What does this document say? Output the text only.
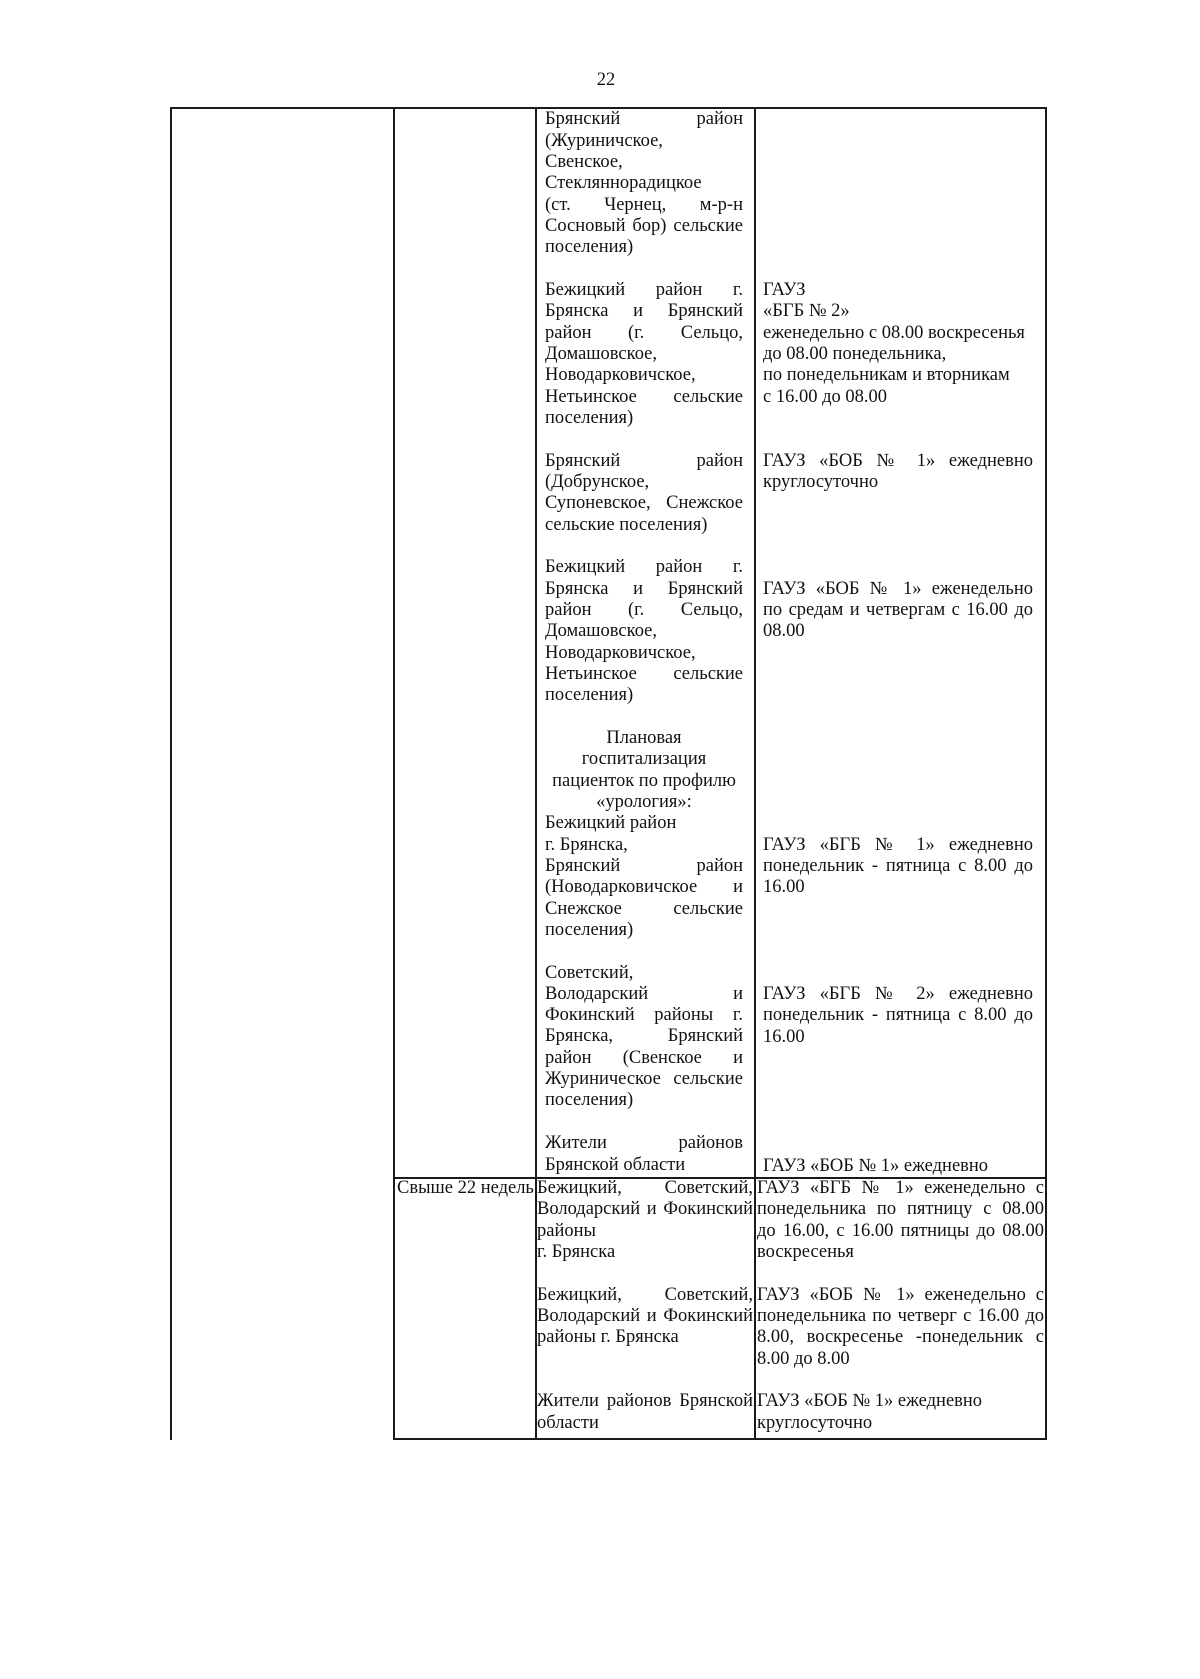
22
Брянский район
(Журиничское,
Свенское,
Стекляннорадицкое
(ст. Чернец, м-р-н
Сосновый бор) сельские
поселения)
Бежицкий район г.
Брянска и Брянский
район (г. Сельцо,
Домашовское,
Новодарковичское,
Нетьинское сельские
поселения)
ГАУЗ
«БГБ № 2»
еженедельно с 08.00 воскресенья
до 08.00 понедельника,
по понедельникам и вторникам
с 16.00 до 08.00
Брянский район
(Добрунское,
Супоневское, Снежское
сельские поселения)
ГАУЗ «БОБ № 1» ежедневно
круглосуточно
Бежицкий район г.
Брянска и Брянский
район (г. Сельцо,
Домашовское,
Новодарковичское,
Нетьинское сельские
поселения)
ГАУЗ «БОБ № 1» еженедельно
по средам и четвергам с 16.00 до
08.00
Плановая
госпитализация
пациенток по профилю
«урология»:
Бежицкий район
г. Брянска,
Брянский район
(Новодарковичское и
Снежское сельские
поселения)
ГАУЗ «БГБ № 1» ежедневно
понедельник - пятница с 8.00 до
16.00
Советский,
Володарский и
Фокинский районы г.
Брянска, Брянский
район (Свенское и
Журиническое сельские
поселения)
ГАУЗ «БГБ № 2» ежедневно
понедельник - пятница с 8.00 до
16.00
Жители районов
Брянской области	ГАУЗ «БОБ № 1» ежедневно
Свыше 22 недель Бежицкий, Советский,
Володарский и Фокинский
районы
г. Брянска
ГАУЗ «БГБ № 1» еженедельно с
понедельника по пятницу с 08.00
до 16.00, с 16.00 пятницы до 08.00
воскресенья
Бежицкий, Советский,
Володарский и Фокинский
районы г. Брянска
ГАУЗ «БОБ № 1» еженедельно с
понедельника по четверг с 16.00 до
8.00, воскресенье -понедельник с
8.00 до 8.00
Жители районов Брянской
области
ГАУЗ «БОБ № 1» ежедневно
круглосуточно
